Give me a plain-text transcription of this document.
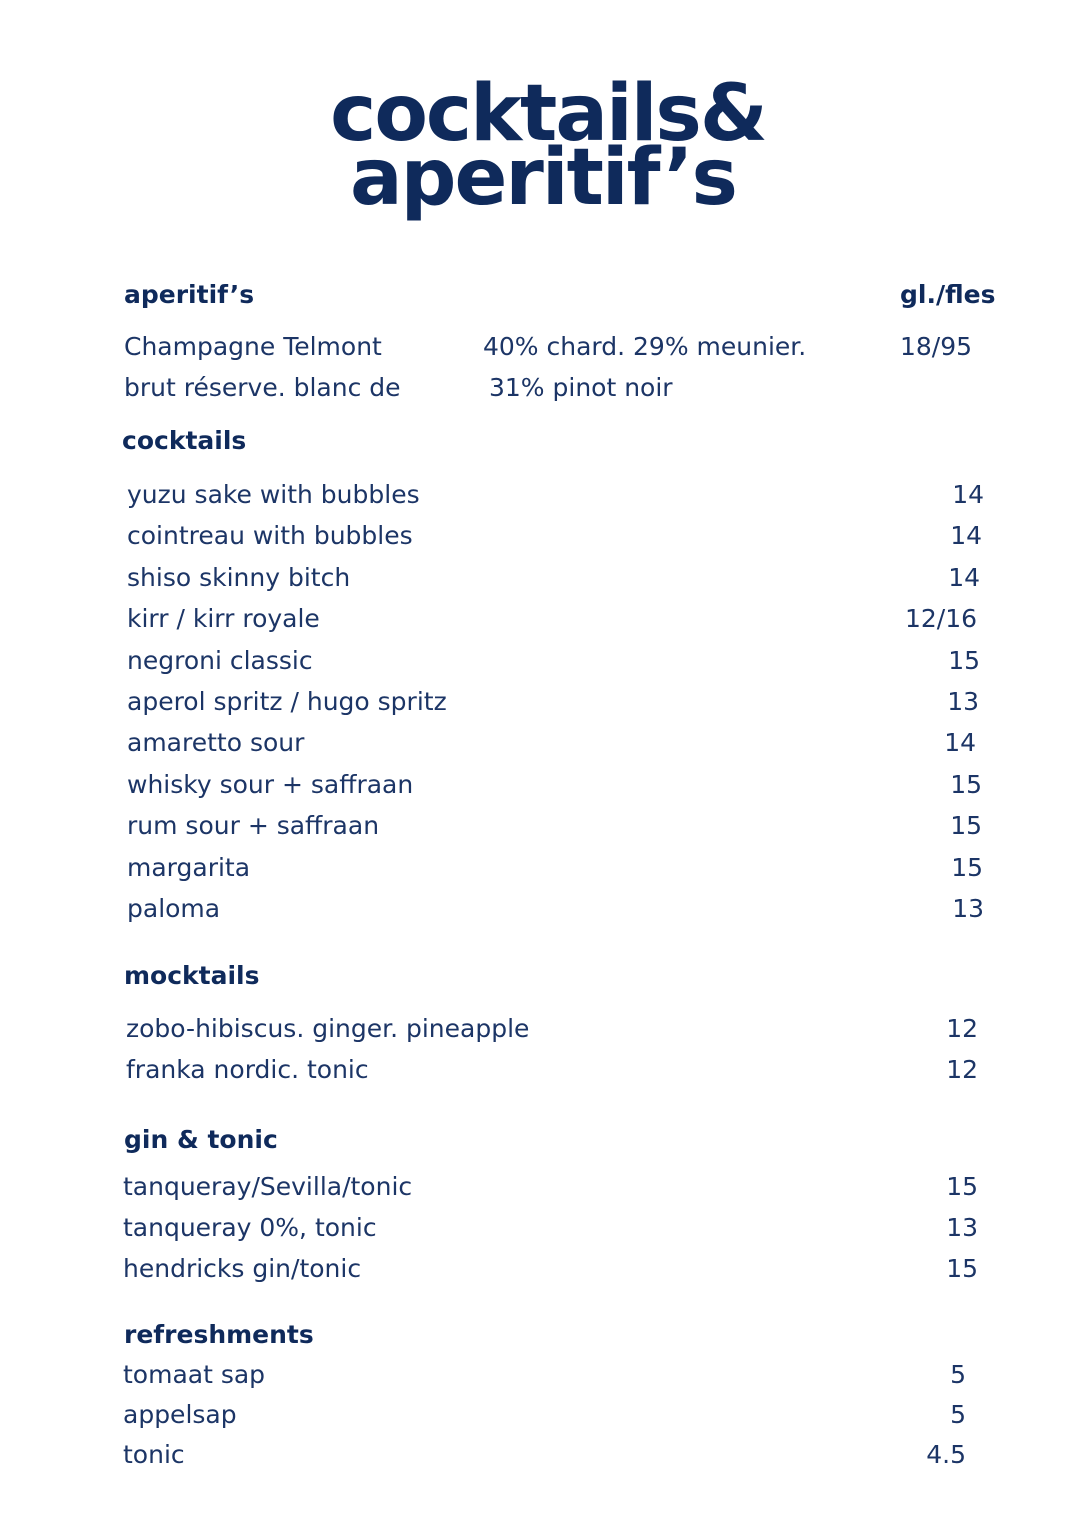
cocktails&
aperitif’s
aperitif’s	gl./fles
Champagne Telmont	40% chard. 29% meunier.	18/95
brut réserve. blanc de	31% pinot noir
cocktails
yuzu sake with bubbles	14
cointreau with bubbles	14
shiso skinny bitch	14
kirr / kirr royale	12/16
negroni classic	15
aperol spritz / hugo spritz	13
amaretto sour	14
whisky sour + saffraan	15
rum sour + saffraan	15
margarita	15
paloma	13
mocktails
zobo-hibiscus. ginger. pineapple	12
franka nordic. tonic	12
gin & tonic
tanqueray/Sevilla/tonic	15
tanqueray 0%, tonic	13
hendricks gin/tonic	15
refreshments
tomaat sap	5
appelsap	5
tonic	4.5
